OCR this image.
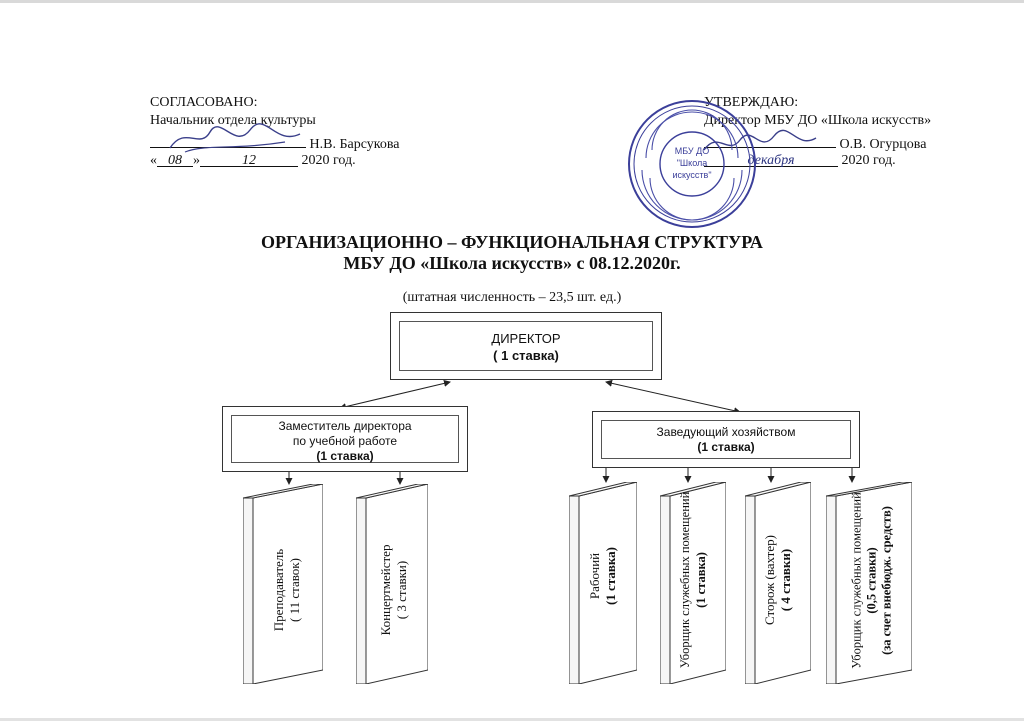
СОГЛАСОВАНО:
Начальник отдела культуры
Н.В. Барсукова
« 08 »	12	2020 год.
УТВЕРЖДАЮ:
Директор МБУ ДО «Школа искусств»
О.В. Огурцова
декабря	2020 год.
МБУ ДО
"Школа
искусств"
ОРГАНИЗАЦИОННО – ФУНКЦИОНАЛЬНАЯ СТРУКТУРА
МБУ ДО «Школа искусств» с 08.12.2020г.
(штатная численность – 23,5 шт. ед.)
ДИРЕКТОР
( 1 ставка)
Заместитель директора
по учебной работе
(1 ставка)
Заведующий хозяйством
(1 ставка)
Преподаватель ( 11 ставок)	Концертмейстер ( 3 ставки)	Рабочий (1 ставка)	Уборщик служебных помещений (1 ставка)	Сторож (вахтер) ( 4 ставки)	Уборщик служебных помещений (0,5 ставки) (за счет внебюдж. средств)
